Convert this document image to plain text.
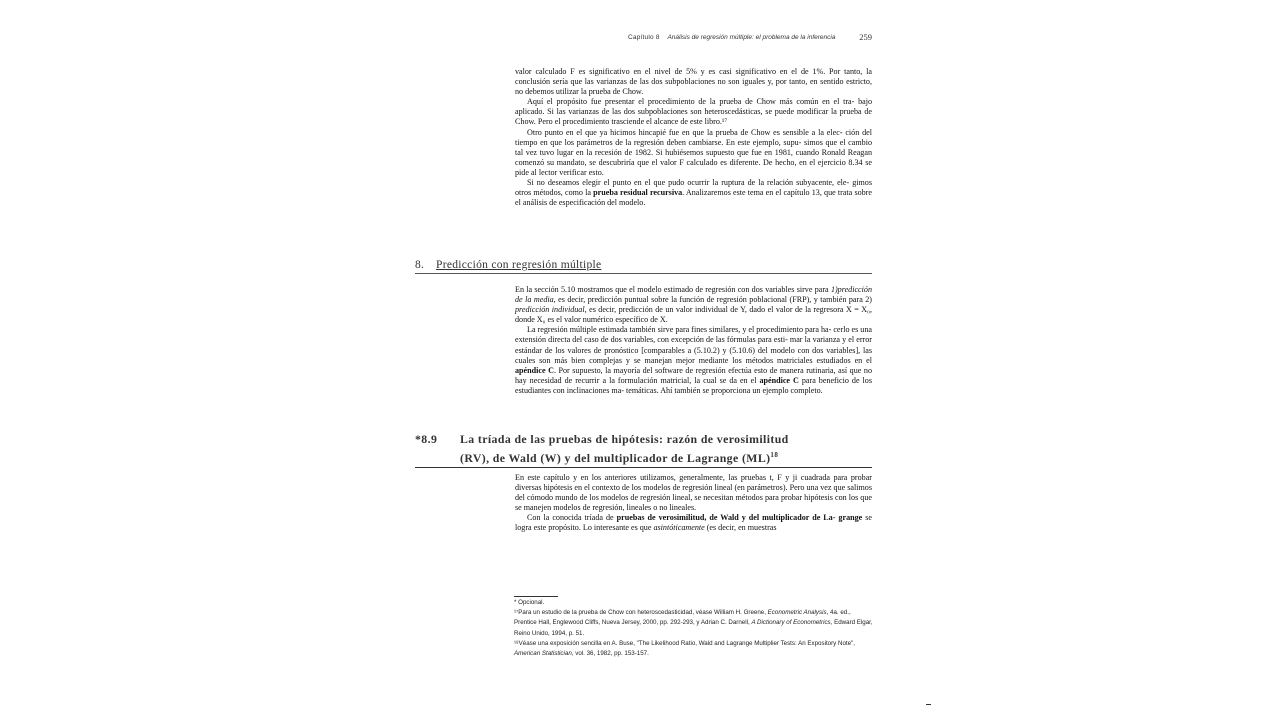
Capítulo 8 Análisis de regresión múltiple: el problema de la inferencia	259

valor calculado F es significativo en el nivel de 5% y es casi significativo en el de 1%. Por tanto, la conclusión sería que las varianzas de las dos subpoblaciones no son iguales y, por tanto, en sentido estricto, no debemos utilizar la prueba de Chow.

Aquí el propósito fue presentar el procedimiento de la prueba de Chow más común en el tra- bajo aplicado. Si las varianzas de las dos subpoblaciones son heteroscedásticas, se puede modificar la prueba de Chow. Pero el procedimiento trasciende el alcance de este libro.¹⁷

Otro punto en el que ya hicimos hincapié fue en que la prueba de Chow es sensible a la elec- ción del tiempo en que los parámetros de la regresión deben cambiarse. En este ejemplo, supu- simos que el cambio tal vez tuvo lugar en la recesión de 1982. Si hubiésemos supuesto que fue en 1981, cuando Ronald Reagan comenzó su mandato, se descubriría que el valor F calculado es diferente. De hecho, en el ejercicio 8.34 se pide al lector verificar esto.

Si no deseamos elegir el punto en el que pudo ocurrir la ruptura de la relación subyacente, ele- gimos otros métodos, como la prueba residual recursiva. Analizaremos este tema en el capítulo 13, que trata sobre el análisis de especificación del modelo.

8. Predicción con regresión múltiple

En la sección 5.10 mostramos que el modelo estimado de regresión con dos variables sirve para 1)predicción de la media, es decir, predicción puntual sobre la función de regresión poblacional (FRP), y también para 2) predicción individual, es decir, predicción de un valor individual de Y, dado el valor de la regresora X = X₀, donde X₀ es el valor numérico específico de X.

La regresión múltiple estimada también sirve para fines similares, y el procedimiento para ha- cerlo es una extensión directa del caso de dos variables, con excepción de las fórmulas para esti- mar la varianza y el error estándar de los valores de pronóstico [comparables a (5.10.2) y (5.10.6) del modelo con dos variables], las cuales son más bien complejas y se manejan mejor mediante los métodos matriciales estudiados en el apéndice C. Por supuesto, la mayoría del software de regresión efectúa esto de manera rutinaria, así que no hay necesidad de recurrir a la formulación matricial, la cual se da en el apéndice C para beneficio de los estudiantes con inclinaciones ma- temáticas. Ahí también se proporciona un ejemplo completo.

*8.9 La tríada de las pruebas de hipótesis: razón de verosimilitud
(RV), de Wald (W) y del multiplicador de Lagrange (ML)$^{18}$

En este capítulo y en los anteriores utilizamos, generalmente, las pruebas t, F y ji cuadrada para probar diversas hipótesis en el contexto de los modelos de regresión lineal (en parámetros). Pero una vez que salimos del cómodo mundo de los modelos de regresión lineal, se necesitan métodos para probar hipótesis con los que se manejen modelos de regresión, lineales o no lineales.

Con la conocida tríada de pruebas de verosimilitud, de Wald y del multiplicador de La- grange se logra este propósito. Lo interesante es que asintóticamente (es decir, en muestras

* Opcional.

¹⁷Para un estudio de la prueba de Chow con heteroscedasticidad, véase William H. Greene, Econometric Analysis, 4a. ed., Prentice Hall, Englewood Cliffs, Nueva Jersey, 2000, pp. 292-293, y Adrian C. Darnell, A Dictionary of Econometrics, Edward Elgar, Reino Unido, 1994, p. 51.

¹⁸Véase una exposición sencilla en A. Buse, "The Likelihood Ratio, Wald and Lagrange Multiplier Tests: An Expository Note", American Statistician, vol. 36, 1982, pp. 153-157.
